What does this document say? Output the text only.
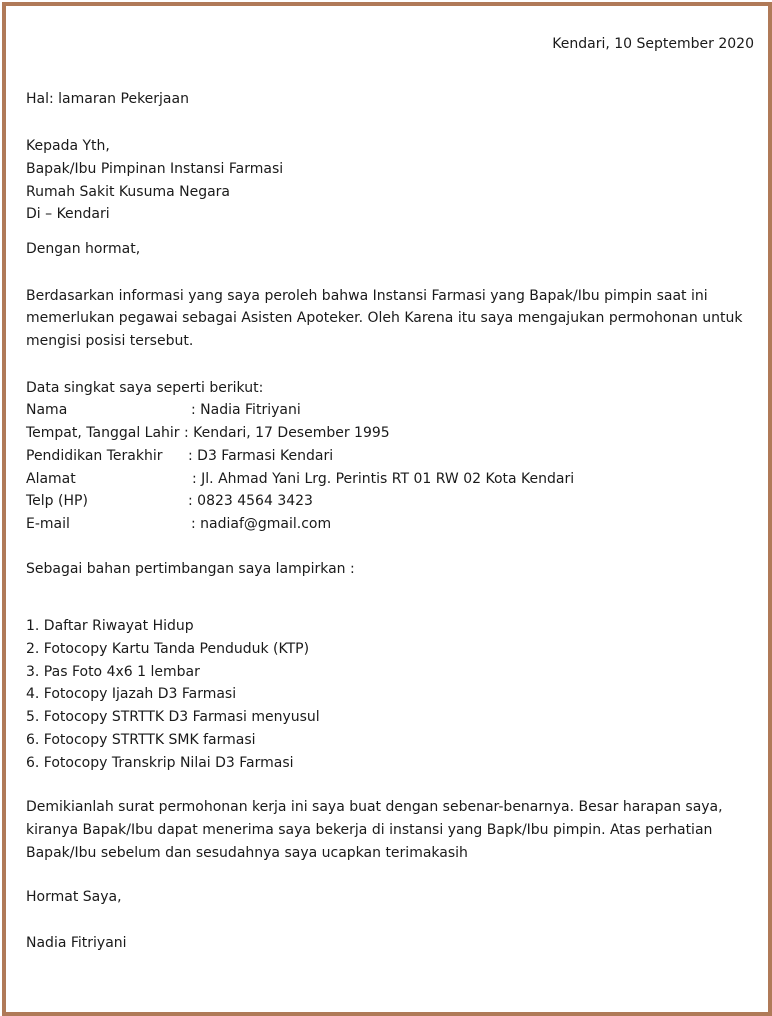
Kendari, 10 September 2020
Hal: lamaran Pekerjaan
Kepada Yth,
Bapak/Ibu Pimpinan Instansi Farmasi
Rumah Sakit Kusuma Negara
Di – Kendari
Dengan hormat,
Berdasarkan informasi yang saya peroleh bahwa Instansi Farmasi yang Bapak/Ibu pimpin saat ini
memerlukan pegawai sebagai Asisten Apoteker. Oleh Karena itu saya mengajukan permohonan untuk
mengisi posisi tersebut.
Data singkat saya seperti berikut:
Nama	: Nadia Fitriyani
Tempat, Tanggal Lahir : Kendari, 17 Desember 1995
Pendidikan Terakhir	: D3 Farmasi Kendari
Alamat	: Jl. Ahmad Yani Lrg. Perintis RT 01 RW 02 Kota Kendari
Telp (HP)	: 0823 4564 3423
E-mail	: nadiaf@gmail.com
Sebagai bahan pertimbangan saya lampirkan :
1. Daftar Riwayat Hidup
2. Fotocopy Kartu Tanda Penduduk (KTP)
3. Pas Foto 4x6 1 lembar
4. Fotocopy Ijazah D3 Farmasi
5. Fotocopy STRTTK D3 Farmasi menyusul
6. Fotocopy STRTTK SMK farmasi
6. Fotocopy Transkrip Nilai D3 Farmasi
Demikianlah surat permohonan kerja ini saya buat dengan sebenar-benarnya. Besar harapan saya,
kiranya Bapak/Ibu dapat menerima saya bekerja di instansi yang Bapk/Ibu pimpin. Atas perhatian
Bapak/Ibu sebelum dan sesudahnya saya ucapkan terimakasih
Hormat Saya,
Nadia Fitriyani
